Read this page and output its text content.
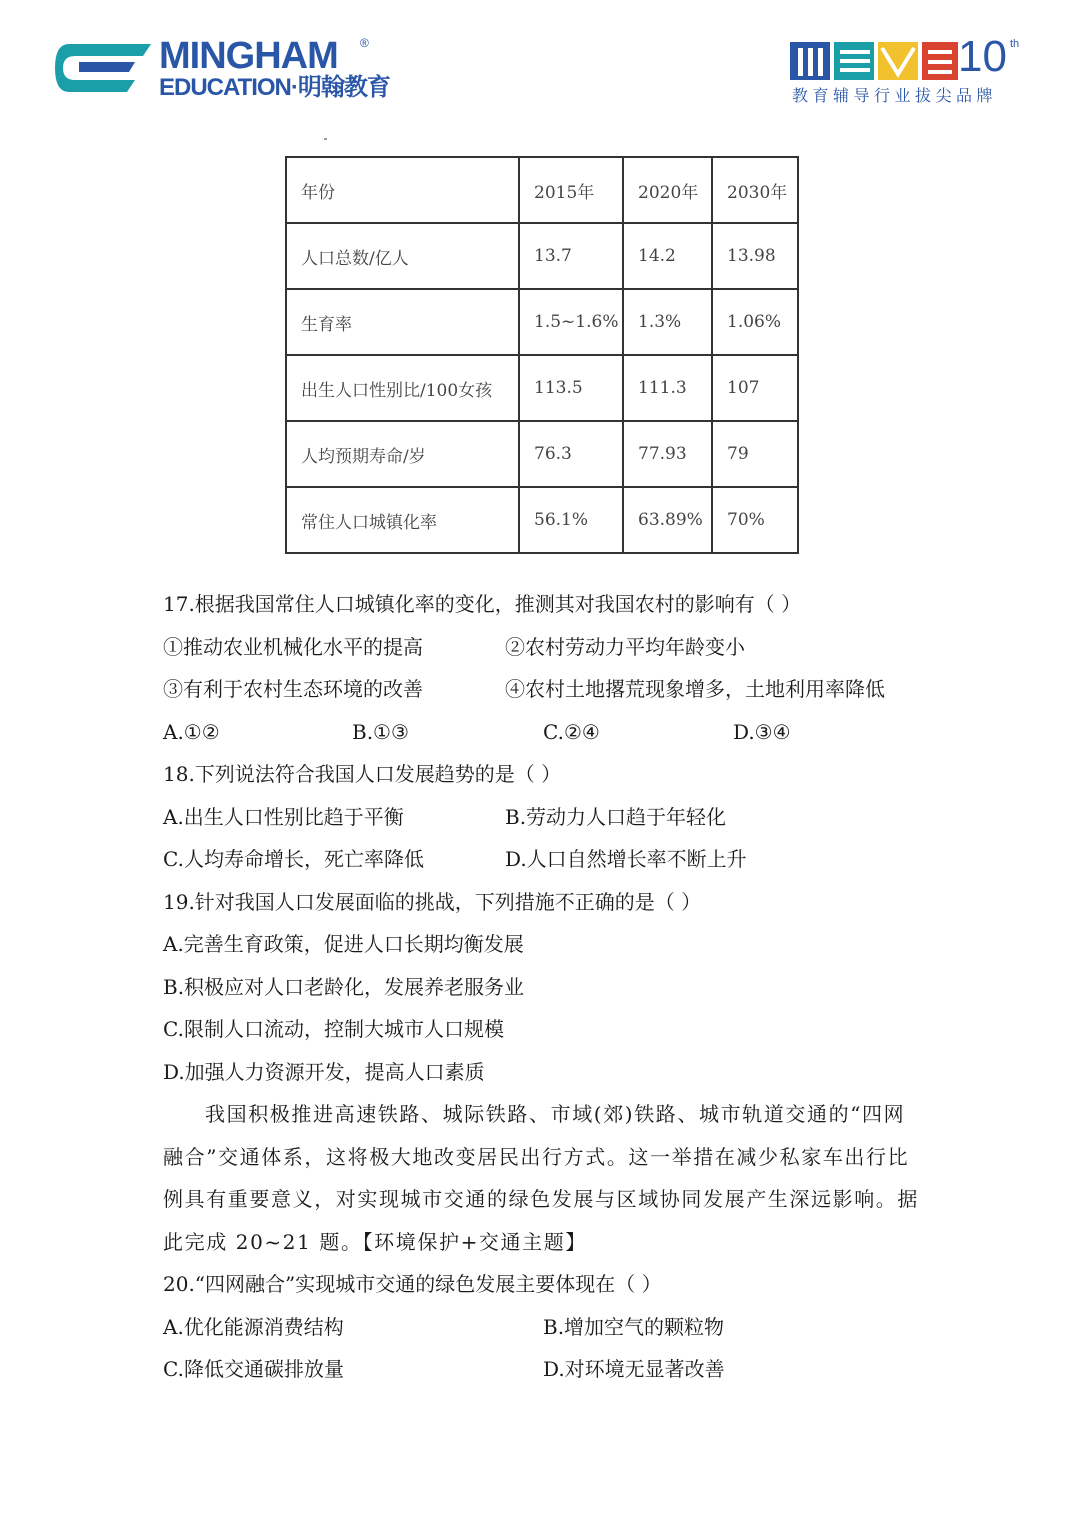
MINGHAM ®
EDUCATION·明翰教育
10 th
教育辅导行业拔尖品牌
年份	2015年	2020年	2030年
人口总数/亿人	13.7	14.2	13.98
生育率	1.5~1.6%	1.3%	1.06%
出生人口性别比/100女孩	113.5	111.3	107
人均预期寿命/岁	76.3	77.93	79
常住人口城镇化率	56.1%	63.89%	70%
17.根据我国常住人口城镇化率的变化，推测其对我国农村的影响有（ ）
①推动农业机械化水平的提高	②农村劳动力平均年龄变小
③有利于农村生态环境的改善	④农村土地撂荒现象增多，土地利用率降低
A.①②	B.①③	C.②④	D.③④
18.下列说法符合我国人口发展趋势的是（ ）
A.出生人口性别比趋于平衡	B.劳动力人口趋于年轻化
C.人均寿命增长，死亡率降低	D.人口自然增长率不断上升
19.针对我国人口发展面临的挑战，下列措施不正确的是（ ）
A.完善生育政策，促进人口长期均衡发展
B.积极应对人口老龄化，发展养老服务业
C.限制人口流动，控制大城市人口规模
D.加强人力资源开发，提高人口素质
我国积极推进高速铁路、城际铁路、市域(郊)铁路、城市轨道交通的“四网
融合”交通体系，这将极大地改变居民出行方式。这一举措在减少私家车出行比
例具有重要意义，对实现城市交通的绿色发展与区域协同发展产生深远影响。据
此完成 20~21 题。【环境保护+交通主题】
20.“四网融合”实现城市交通的绿色发展主要体现在（ ）
A.优化能源消费结构	B.增加空气的颗粒物
C.降低交通碳排放量	D.对环境无显著改善
